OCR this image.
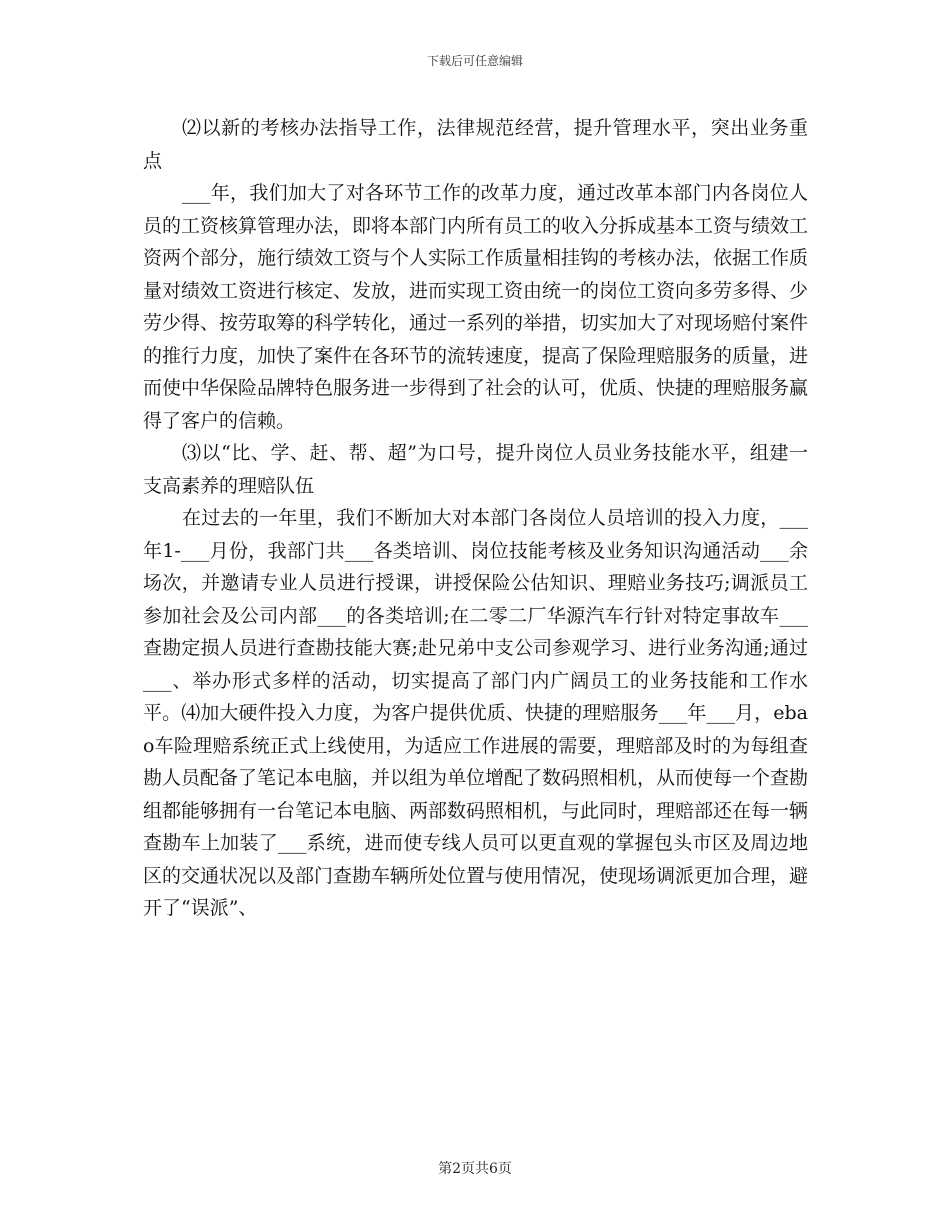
下载后可任意编辑

⑵以新的考核办法指导工作，法律规范经营，提升管理水平，突出业务重点

___年，我们加大了对各环节工作的改革力度，通过改革本部门内各岗位人员的工资核算管理办法，即将本部门内所有员工的收入分拆成基本工资与绩效工资两个部分，施行绩效工资与个人实际工作质量相挂钩的考核办法，依据工作质量对绩效工资进行核定、发放，进而实现工资由统一的岗位工资向多劳多得、少劳少得、按劳取筹的科学转化，通过一系列的举措，切实加大了对现场赔付案件的推行力度，加快了案件在各环节的流转速度，提高了保险理赔服务的质量，进而使中华保险品牌特色服务进一步得到了社会的认可，优质、快捷的理赔服务赢得了客户的信赖。

⑶以“比、学、赶、帮、超”为口号，提升岗位人员业务技能水平，组建一支高素养的理赔队伍

在过去的一年里，我们不断加大对本部门各岗位人员培训的投入力度，___年1-___月份，我部门共___各类培训、岗位技能考核及业务知识沟通活动___余场次，并邀请专业人员进行授课，讲授保险公估知识、理赔业务技巧;调派员工参加社会及公司内部___的各类培训;在二零二厂华源汽车行针对特定事故车___查勘定损人员进行查勘技能大赛;赴兄弟中支公司参观学习、进行业务沟通;通过___、举办形式多样的活动，切实提高了部门内广阔员工的业务技能和工作水平。⑷加大硬件投入力度，为客户提供优质、快捷的理赔服务___年___月，ebao车险理赔系统正式上线使用，为适应工作进展的需要，理赔部及时的为每组查勘人员配备了笔记本电脑，并以组为单位增配了数码照相机，从而使每一个查勘组都能够拥有一台笔记本电脑、两部数码照相机，与此同时，理赔部还在每一辆查勘车上加装了___系统，进而使专线人员可以更直观的掌握包头市区及周边地区的交通状况以及部门查勘车辆所处位置与使用情况，使现场调派更加合理，避开了“误派”、

第2页共6页
